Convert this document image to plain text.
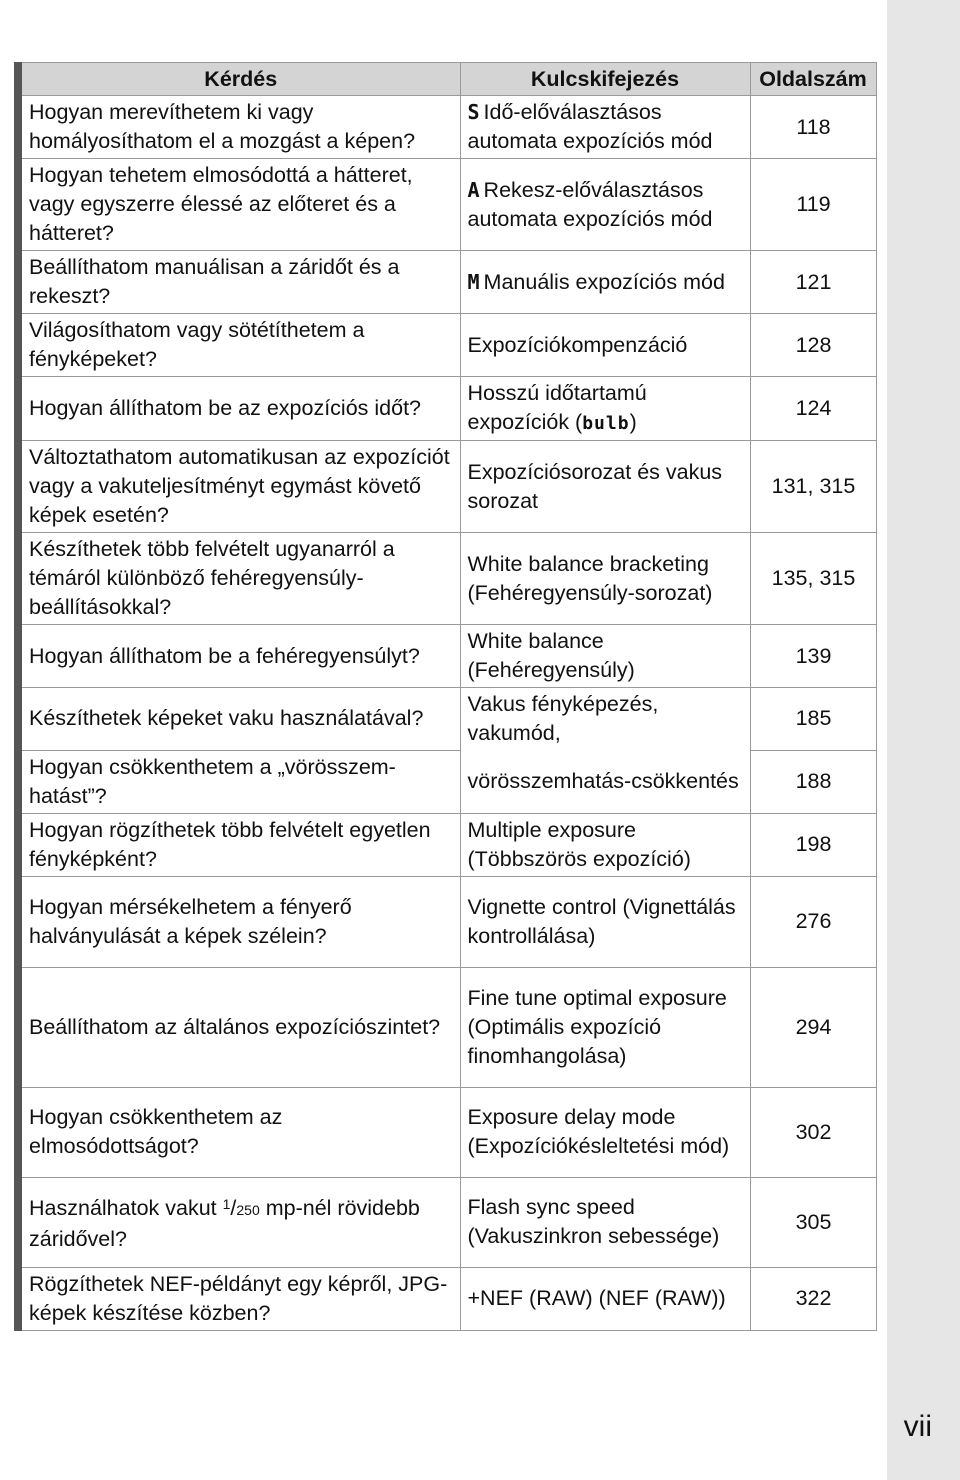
Kérdés	Kulcskifejezés	Oldalszám
Hogyan merevíthetem ki vagy homályosíthatom el a mozgást a képen?	S Idő-előválasztásos automata expozíciós mód	118
Hogyan tehetem elmosódottá a hátteret, vagy egyszerre élessé az előteret és a hátteret?	A Rekesz-előválasztásos automata expozíciós mód	119
Beállíthatom manuálisan a záridőt és a rekeszt?	M Manuális expozíciós mód	121
Világosíthatom vagy sötétíthetem a fényképeket?	Expozíciókompenzáció	128
Hogyan állíthatom be az expozíciós időt?	Hosszú időtartamú expozíciók (bulb)	124
Változtathatom automatikusan az expozíciót vagy a vakuteljesítményt egymást követő képek esetén?	Expozíciósorozat és vakus sorozat	131, 315
Készíthetek több felvételt ugyanarról a témáról különböző fehéregyensúly-beállításokkal?	White balance bracketing (Fehéregyensúly-sorozat)	135, 315
Hogyan állíthatom be a fehéregyensúlyt?	White balance (Fehéregyensúly)	139
Készíthetek képeket vaku használatával?	Vakus fényképezés, vakumód,	185
Hogyan csökkenthetem a „vörösszem-hatást”?	vörösszemhatás-csökkentés	188
Hogyan rögzíthetek több felvételt egyetlen fényképként?	Multiple exposure (Többszörös expozíció)	198
Hogyan mérsékelhetem a fényerő halványulását a képek szélein?	Vignette control (Vignettálás kontrollálása)	276
Beállíthatom az általános expozíciószintet?	Fine tune optimal exposure (Optimális expozíció finomhangolása)	294
Hogyan csökkenthetem az elmosódottságot?	Exposure delay mode (Expozíciókésleltetési mód)	302
Használhatok vakut $^1$/250 mp-nél rövidebb záridővel?	Flash sync speed (Vakuszinkron sebessége)	305
Rögzíthetek NEF-példányt egy képről, JPG-képek készítése közben?	+NEF (RAW) (NEF (RAW))	322
vii
